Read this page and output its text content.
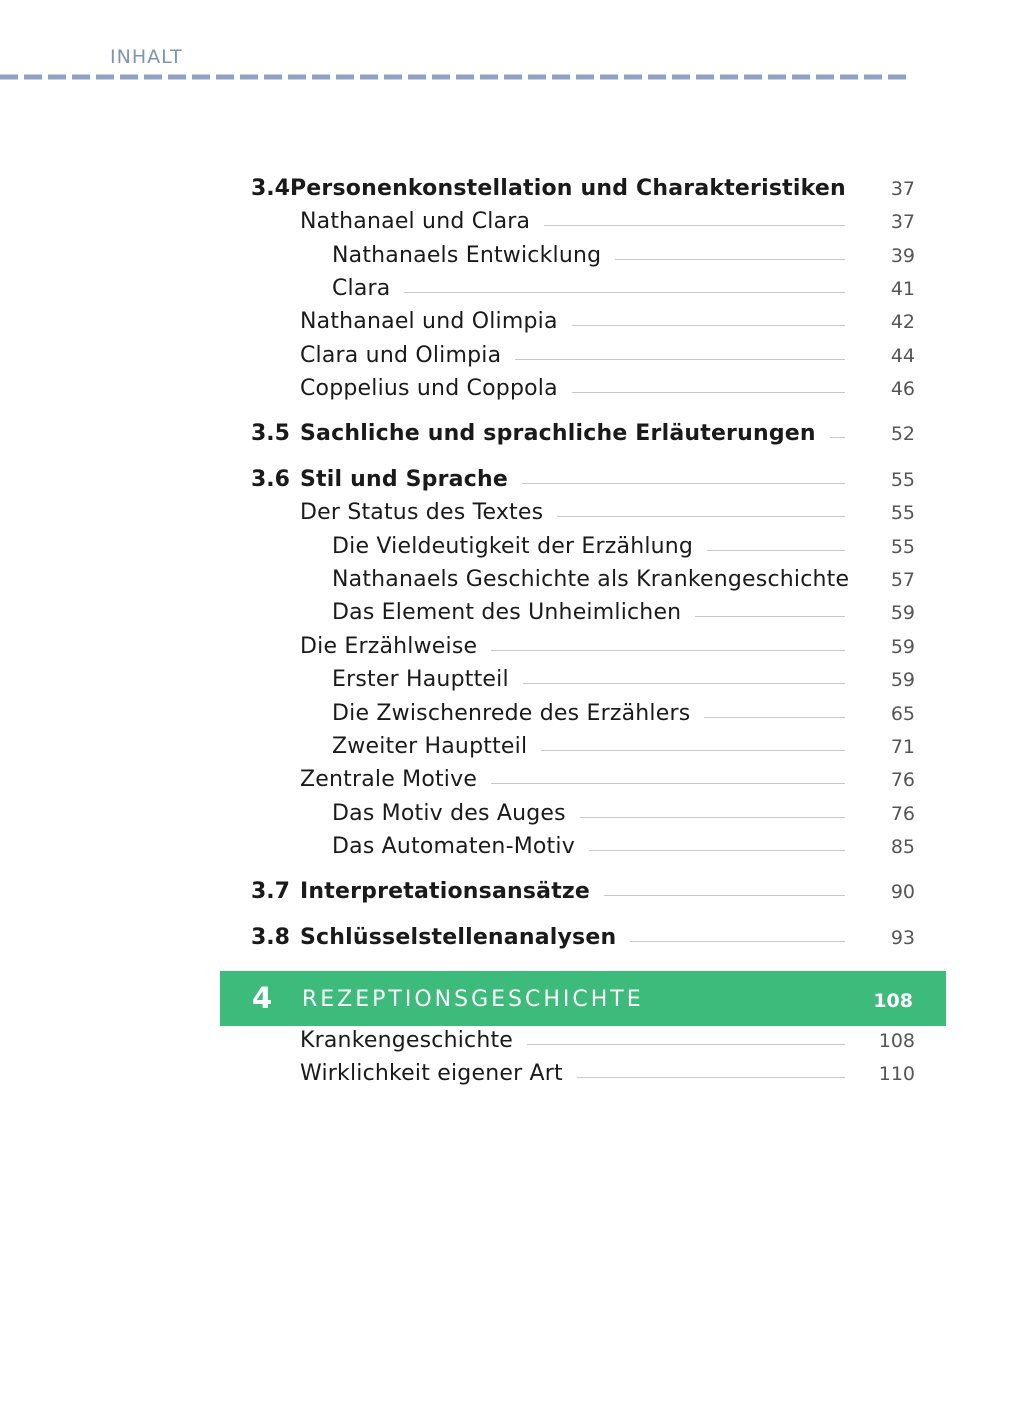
INHALT
3.4 Personenkonstellation und Charakteristiken	37
Nathanael und Clara	37
Nathanaels Entwicklung	39
Clara	41
Nathanael und Olimpia	42
Clara und Olimpia	44
Coppelius und Coppola	46
3.5 Sachliche und sprachliche Erläuterungen	52
3.6 Stil und Sprache	55
Der Status des Textes	55
Die Vieldeutigkeit der Erzählung	55
Nathanaels Geschichte als Krankengeschichte 57
Das Element des Unheimlichen	59
Die Erzählweise	59
Erster Hauptteil	59
Die Zwischenrede des Erzählers	65
Zweiter Hauptteil	71
Zentrale Motive	76
Das Motiv des Auges	76
Das Automaten-Motiv	85
3.7 Interpretationsansätze	90
3.8 Schlüsselstellenanalysen	93
4 REZEPTIONSGESCHICHTE	108
Krankengeschichte	108
Wirklichkeit eigener Art	110
